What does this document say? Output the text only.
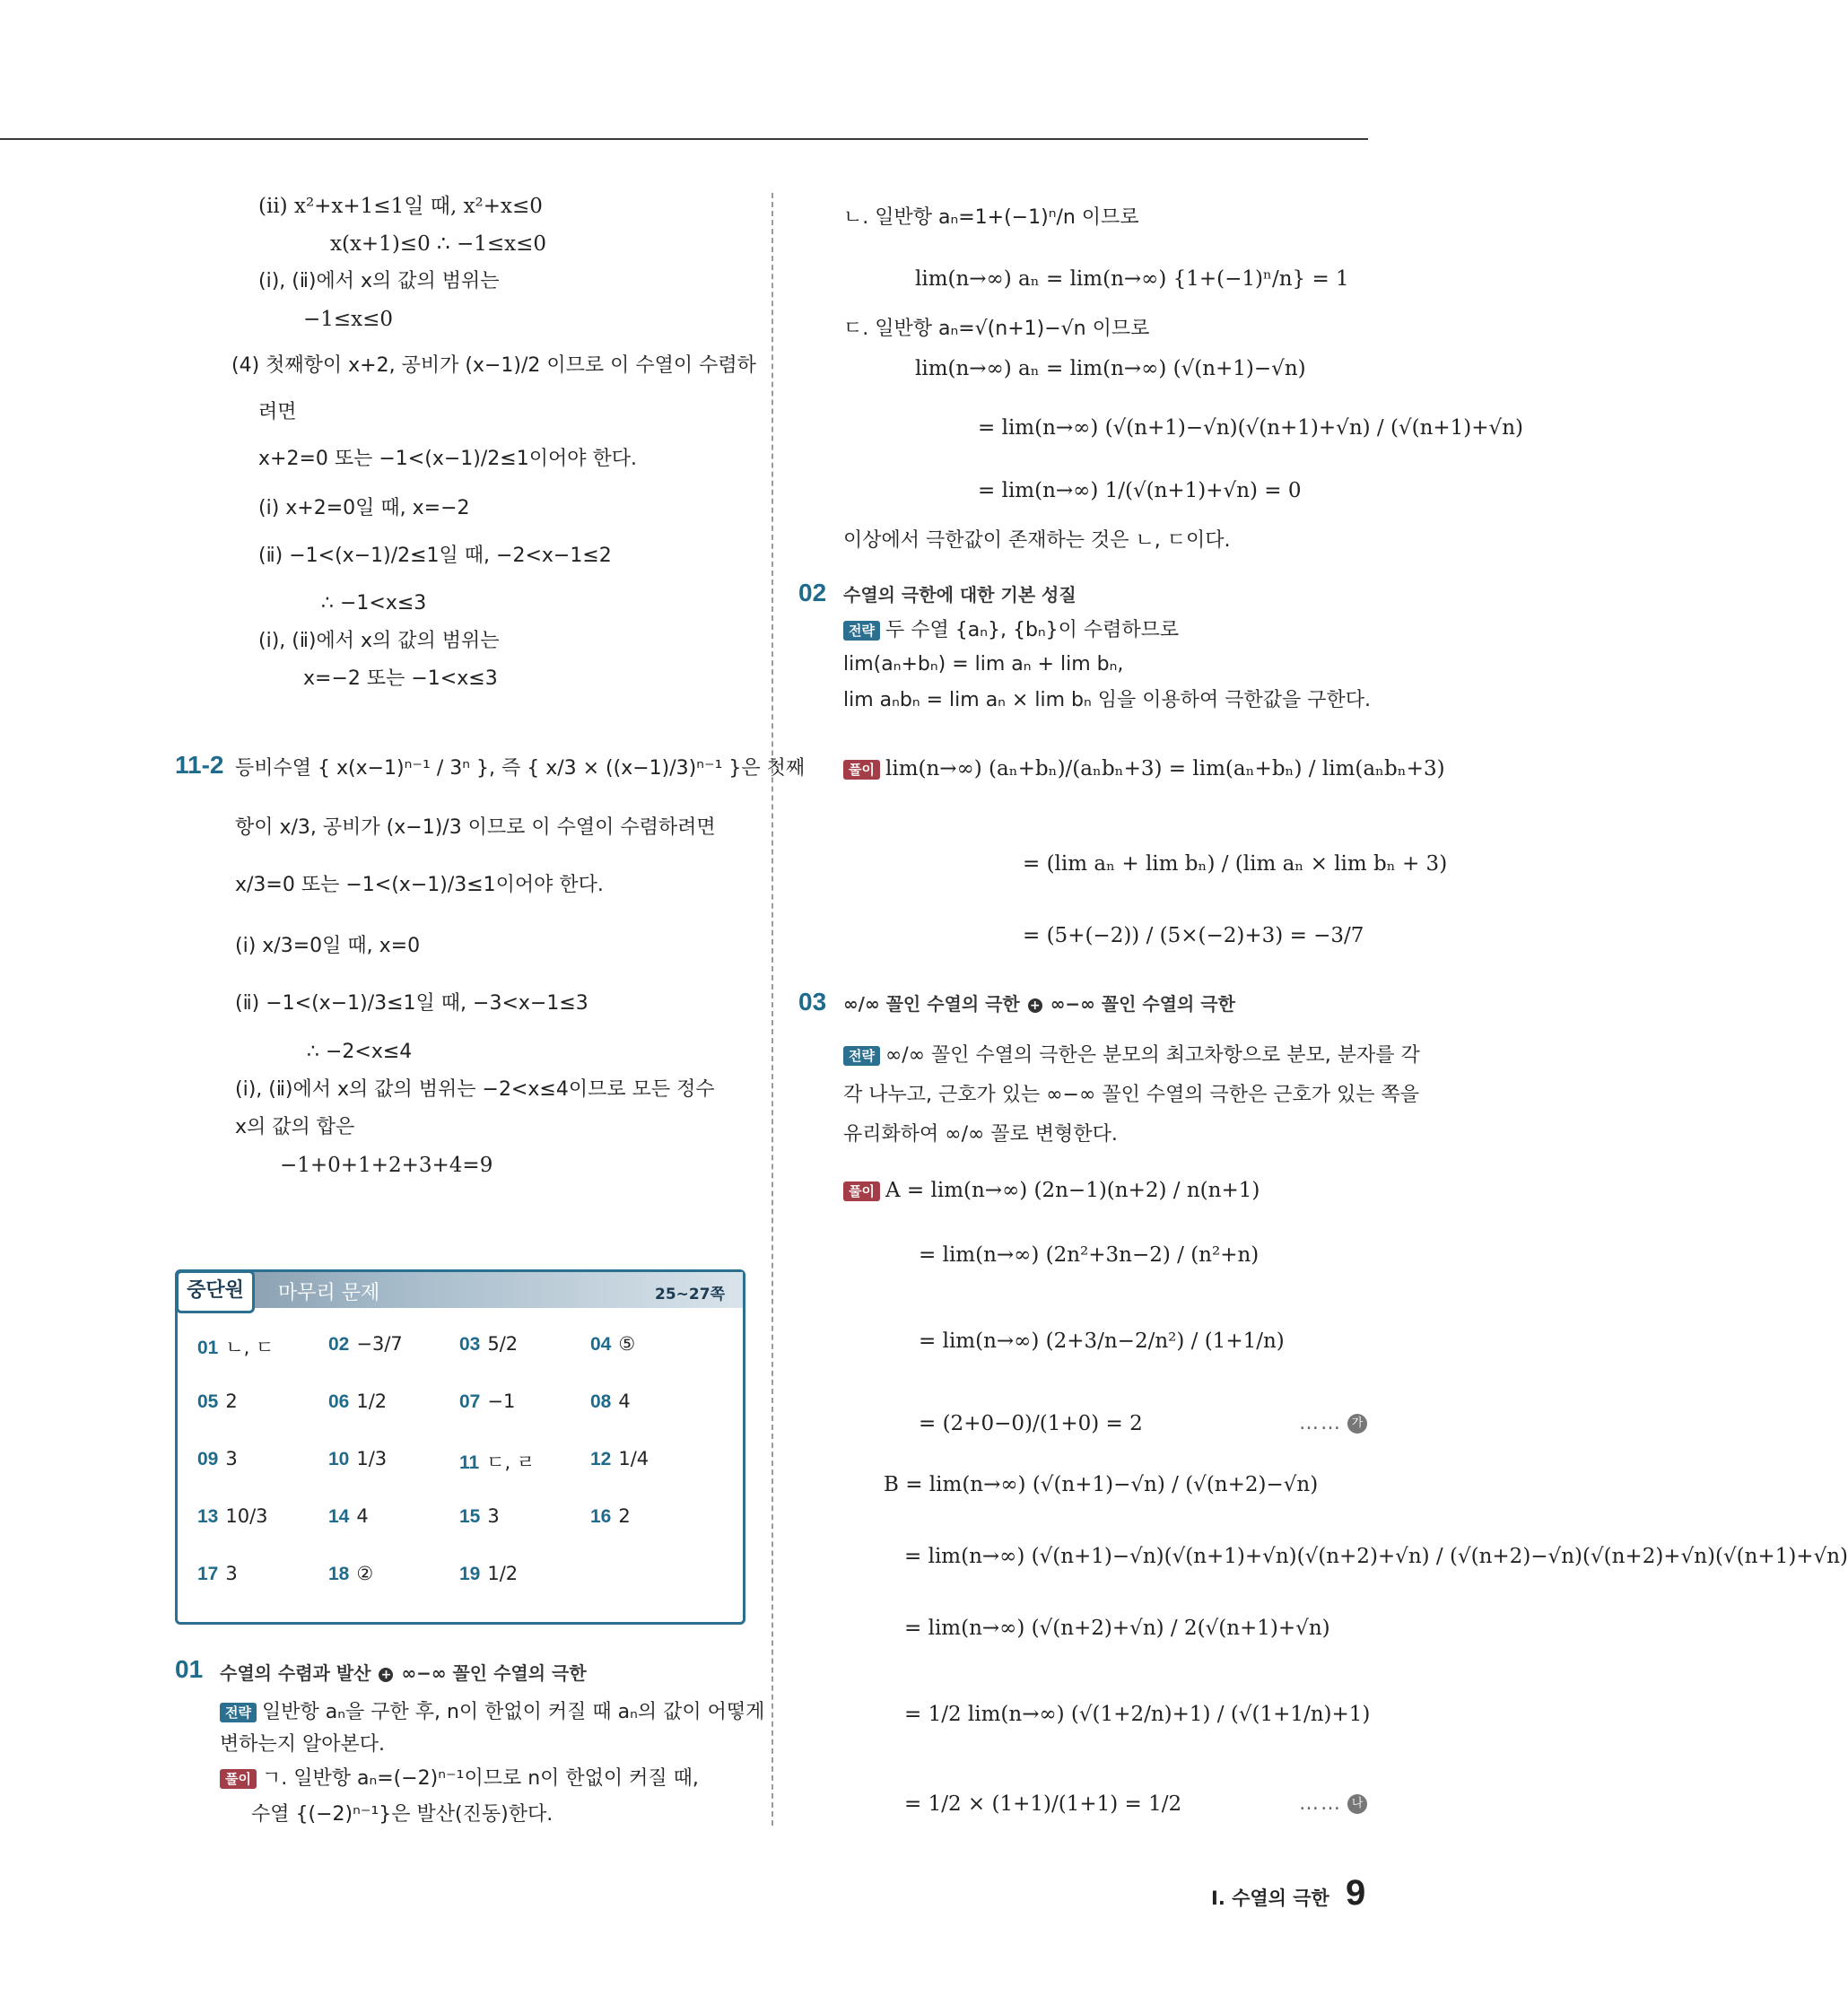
(ⅱ) x²+x+1≤1일 때, x²+x≤0
x(x+1)≤0 ∴ −1≤x≤0
(ⅰ), (ⅱ)에서 x의 값의 범위는
−1≤x≤0
(4) 첫째항이 x+2, 공비가 (x−1)/2 이므로 이 수열이 수렴하
려면
x+2=0 또는 −1<(x−1)/2≤1이어야 한다.
(ⅰ) x+2=0일 때, x=−2
(ⅱ) −1<(x−1)/2≤1일 때, −2<x−1≤2
∴ −1<x≤3
(ⅰ), (ⅱ)에서 x의 값의 범위는
x=−2 또는 −1<x≤3
11-2 등비수열 { x(x−1)ⁿ⁻¹ / 3ⁿ }, 즉 { x/3 × ((x−1)/3)ⁿ⁻¹ }은 첫째
항이 x/3, 공비가 (x−1)/3 이므로 이 수열이 수렴하려면
x/3=0 또는 −1<(x−1)/3≤1이어야 한다.
(ⅰ) x/3=0일 때, x=0
(ⅱ) −1<(x−1)/3≤1일 때, −3<x−1≤3
∴ −2<x≤4
(ⅰ), (ⅱ)에서 x의 값의 범위는 −2<x≤4이므로 모든 정수
x의 값의 합은
−1+0+1+2+3+4=9
중단원	마무리 문제	25~27쪽
01 ㄴ, ㄷ	02 −3/7	03 5/2	04 ⑤
05 2	06 1/2	07 −1	08 4
09 3	10 1/3	11 ㄷ, ㄹ	12 1/4
13 10/3	14 4	15 3	16 2
17 3	18 ②	19 1/2
01 수열의 수렴과 발산 + ∞−∞ 꼴인 수열의 극한
전략 일반항 aₙ을 구한 후, n이 한없이 커질 때 aₙ의 값이 어떻게
변하는지 알아본다.
풀이 ㄱ. 일반항 aₙ=(−2)ⁿ⁻¹이므로 n이 한없이 커질 때,
수열 {(−2)ⁿ⁻¹}은 발산(진동)한다.
ㄴ. 일반항 aₙ=1+(−1)ⁿ/n 이므로
lim(n→∞) aₙ = lim(n→∞) {1+(−1)ⁿ/n} = 1
ㄷ. 일반항 aₙ=√(n+1)−√n 이므로
lim(n→∞) aₙ = lim(n→∞) (√(n+1)−√n)
= lim(n→∞) (√(n+1)−√n)(√(n+1)+√n) / (√(n+1)+√n)
= lim(n→∞) 1/(√(n+1)+√n) = 0
이상에서 극한값이 존재하는 것은 ㄴ, ㄷ이다.
02 수열의 극한에 대한 기본 성질
전략 두 수열 {aₙ}, {bₙ}이 수렴하므로
lim(aₙ+bₙ) = lim aₙ + lim bₙ,
lim aₙbₙ = lim aₙ × lim bₙ 임을 이용하여 극한값을 구한다.
풀이 lim(n→∞) (aₙ+bₙ)/(aₙbₙ+3) = lim(aₙ+bₙ) / lim(aₙbₙ+3)
= (lim aₙ + lim bₙ) / (lim aₙ × lim bₙ + 3)
= (5+(−2)) / (5×(−2)+3) = −3/7
03 ∞/∞ 꼴인 수열의 극한 + ∞−∞ 꼴인 수열의 극한
전략 ∞/∞ 꼴인 수열의 극한은 분모의 최고차항으로 분모, 분자를 각
각 나누고, 근호가 있는 ∞−∞ 꼴인 수열의 극한은 근호가 있는 쪽을
유리화하여 ∞/∞ 꼴로 변형한다.
풀이 A = lim(n→∞) (2n−1)(n+2) / n(n+1)
= lim(n→∞) (2n²+3n−2) / (n²+n)
= lim(n→∞) (2+3/n−2/n²) / (1+1/n)
= (2+0−0)/(1+0) = 2	…… 가
B = lim(n→∞) (√(n+1)−√n) / (√(n+2)−√n)
= lim(n→∞) (√(n+1)−√n)(√(n+1)+√n)(√(n+2)+√n) / (√(n+2)−√n)(√(n+2)+√n)(√(n+1)+√n)
= lim(n→∞) (√(n+2)+√n) / 2(√(n+1)+√n)
= 1/2 lim(n→∞) (√(1+2/n)+1) / (√(1+1/n)+1)
= 1/2 × (1+1)/(1+1) = 1/2	…… 나
Ⅰ. 수열의 극한 9
